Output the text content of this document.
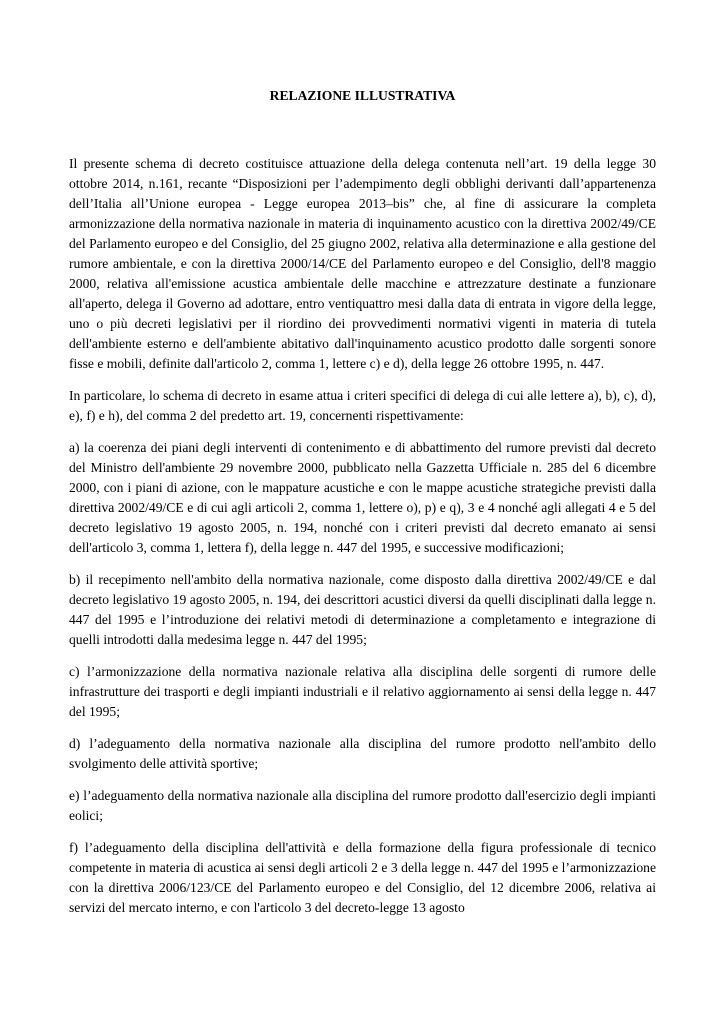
RELAZIONE ILLUSTRATIVA

Il presente schema di decreto costituisce attuazione della delega contenuta nell’art. 19 della legge 30 ottobre 2014, n.161, recante “Disposizioni per l’adempimento degli obblighi derivanti dall’appartenenza dell’Italia all’Unione europea - Legge europea 2013–bis” che, al fine di assicurare la completa armonizzazione della normativa nazionale in materia di inquinamento acustico con la direttiva 2002/49/CE del Parlamento europeo e del Consiglio, del 25 giugno 2002, relativa alla determinazione e alla gestione del rumore ambientale, e con la direttiva 2000/14/CE del Parlamento europeo e del Consiglio, dell'8 maggio 2000, relativa all'emissione acustica ambientale delle macchine e attrezzature destinate a funzionare all'aperto, delega il Governo ad adottare, entro ventiquattro mesi dalla data di entrata in vigore della legge, uno o più decreti legislativi per il riordino dei provvedimenti normativi vigenti in materia di tutela dell'ambiente esterno e dell'ambiente abitativo dall'inquinamento acustico prodotto dalle sorgenti sonore fisse e mobili, definite dall'articolo 2, comma 1, lettere c) e d), della legge 26 ottobre 1995, n. 447.

In particolare, lo schema di decreto in esame attua i criteri specifici di delega di cui alle lettere a), b), c), d), e), f) e h), del comma 2 del predetto art. 19, concernenti rispettivamente:

a) la coerenza dei piani degli interventi di contenimento e di abbattimento del rumore previsti dal decreto del Ministro dell'ambiente 29 novembre 2000, pubblicato nella Gazzetta Ufficiale n. 285 del 6 dicembre 2000, con i piani di azione, con le mappature acustiche e con le mappe acustiche strategiche previsti dalla direttiva 2002/49/CE e di cui agli articoli 2, comma 1, lettere o), p) e q), 3 e 4 nonché agli allegati 4 e 5 del decreto legislativo 19 agosto 2005, n. 194, nonché con i criteri previsti dal decreto emanato ai sensi dell'articolo 3, comma 1, lettera f), della legge n. 447 del 1995, e successive modificazioni;

b) il recepimento nell'ambito della normativa nazionale, come disposto dalla direttiva 2002/49/CE e dal decreto legislativo 19 agosto 2005, n. 194, dei descrittori acustici diversi da quelli disciplinati dalla legge n. 447 del 1995 e l’introduzione dei relativi metodi di determinazione a completamento e integrazione di quelli introdotti dalla medesima legge n. 447 del 1995;

c) l’armonizzazione della normativa nazionale relativa alla disciplina delle sorgenti di rumore delle infrastrutture dei trasporti e degli impianti industriali e il relativo aggiornamento ai sensi della legge n. 447 del 1995;

d) l’adeguamento della normativa nazionale alla disciplina del rumore prodotto nell'ambito dello svolgimento delle attività sportive;

e) l’adeguamento della normativa nazionale alla disciplina del rumore prodotto dall'esercizio degli impianti eolici;

f) l’adeguamento della disciplina dell'attività e della formazione della figura professionale di tecnico competente in materia di acustica ai sensi degli articoli 2 e 3 della legge n. 447 del 1995 e l’armonizzazione con la direttiva 2006/123/CE del Parlamento europeo e del Consiglio, del 12 dicembre 2006, relativa ai servizi del mercato interno, e con l'articolo 3 del decreto-legge 13 agosto
